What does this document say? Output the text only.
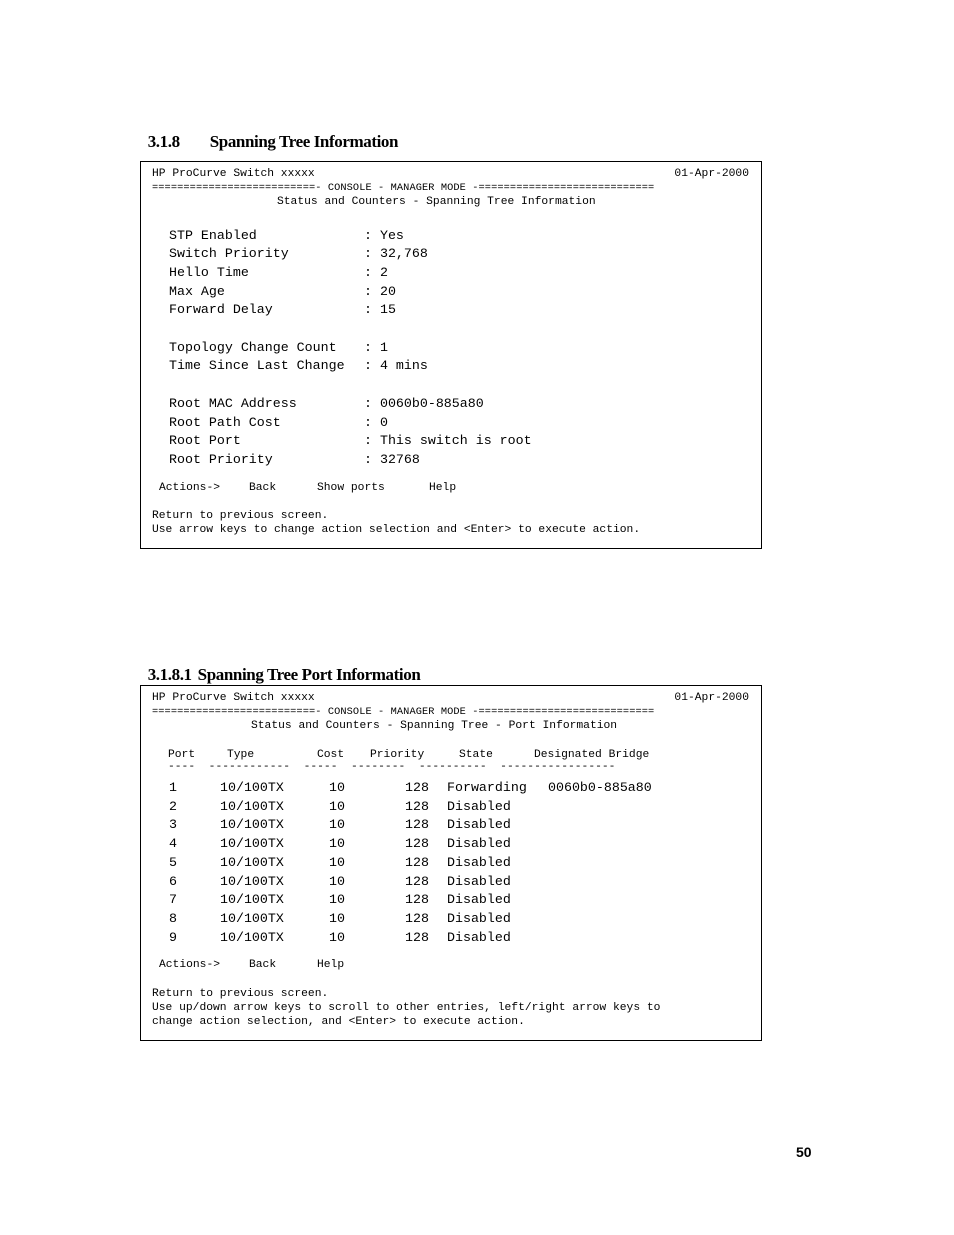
3.1.8 Spanning Tree Information

HP ProCurve Switch xxxxx	01-Apr-2000
==========================- CONSOLE - MANAGER MODE -============================
Status and Counters - Spanning Tree Information
STP Enabled	: Yes
Switch Priority	: 32,768
Hello Time	: 2
Max Age	: 20
Forward Delay	: 15
Topology Change Count : 1
Time Since Last Change : 4 mins
Root MAC Address	: 0060b0-885a80
Root Path Cost	: 0
Root Port	: This switch is root
Root Priority	: 32768
Actions->	Back	Show ports	Help
Return to previous screen.
Use arrow keys to change action selection and <Enter> to execute action.

3.1.8.1 Spanning Tree Port Information

HP ProCurve Switch xxxxx	01-Apr-2000
==========================- CONSOLE - MANAGER MODE -============================
Status and Counters - Spanning Tree - Port Information
Port	Type	Cost Priority	State	Designated Bridge
----  ------------  -----  --------  ----------  -----------------
1	10/100TX	10	128 Forwarding 0060b0-885a80
2	10/100TX	10	128 Disabled
3	10/100TX	10	128 Disabled
4	10/100TX	10	128 Disabled
5	10/100TX	10	128 Disabled
6	10/100TX	10	128 Disabled
7	10/100TX	10	128 Disabled
8	10/100TX	10	128 Disabled
9	10/100TX	10	128 Disabled
Actions->	Back	Help
Return to previous screen.
Use up/down arrow keys to scroll to other entries, left/right arrow keys to
change action selection, and <Enter> to execute action.
50
